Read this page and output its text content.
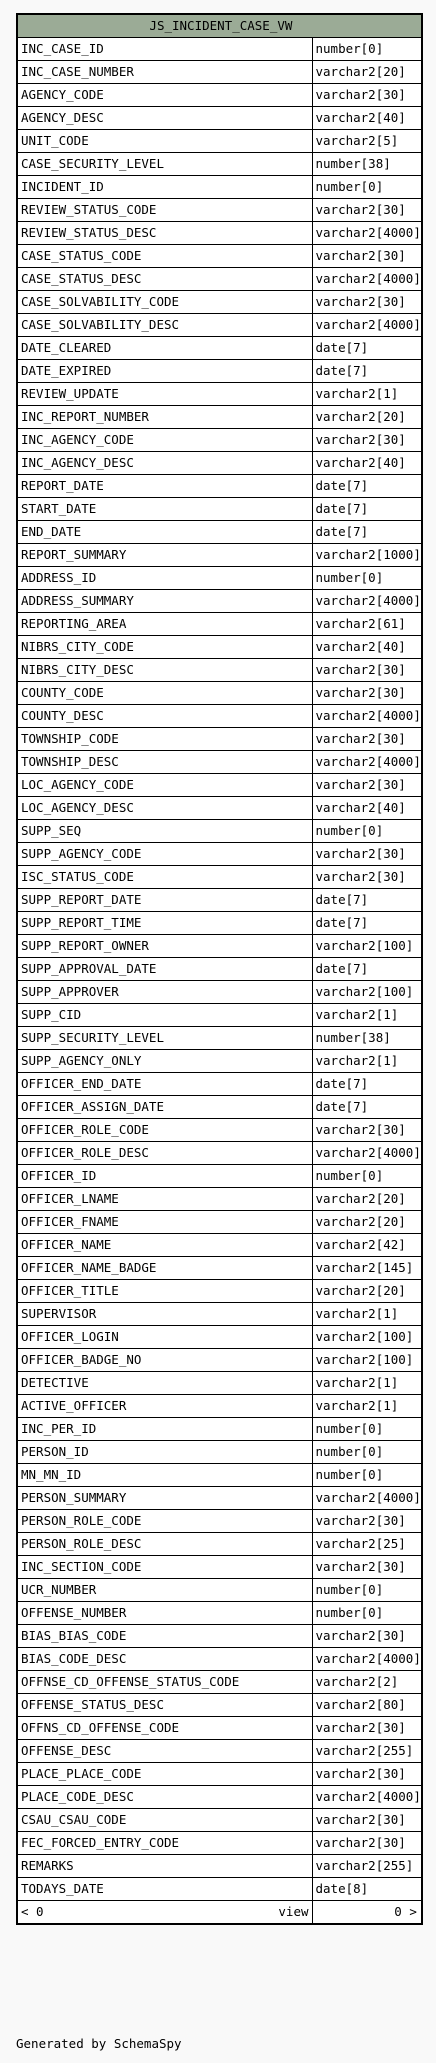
JS_INCIDENT_CASE_VW	
INC_CASE_ID	number[0]
INC_CASE_NUMBER	varchar2[20]
AGENCY_CODE	varchar2[30]
AGENCY_DESC	varchar2[40]
UNIT_CODE	varchar2[5]
CASE_SECURITY_LEVEL	number[38]
INCIDENT_ID	number[0]
REVIEW_STATUS_CODE	varchar2[30]
REVIEW_STATUS_DESC	varchar2[4000]
CASE_STATUS_CODE	varchar2[30]
CASE_STATUS_DESC	varchar2[4000]
CASE_SOLVABILITY_CODE	varchar2[30]
CASE_SOLVABILITY_DESC	varchar2[4000]
DATE_CLEARED	date[7]
DATE_EXPIRED	date[7]
REVIEW_UPDATE	varchar2[1]
INC_REPORT_NUMBER	varchar2[20]
INC_AGENCY_CODE	varchar2[30]
INC_AGENCY_DESC	varchar2[40]
REPORT_DATE	date[7]
START_DATE	date[7]
END_DATE	date[7]
REPORT_SUMMARY	varchar2[1000]
ADDRESS_ID	number[0]
ADDRESS_SUMMARY	varchar2[4000]
REPORTING_AREA	varchar2[61]
NIBRS_CITY_CODE	varchar2[40]
NIBRS_CITY_DESC	varchar2[30]
COUNTY_CODE	varchar2[30]
COUNTY_DESC	varchar2[4000]
TOWNSHIP_CODE	varchar2[30]
TOWNSHIP_DESC	varchar2[4000]
LOC_AGENCY_CODE	varchar2[30]
LOC_AGENCY_DESC	varchar2[40]
SUPP_SEQ	number[0]
SUPP_AGENCY_CODE	varchar2[30]
ISC_STATUS_CODE	varchar2[30]
SUPP_REPORT_DATE	date[7]
SUPP_REPORT_TIME	date[7]
SUPP_REPORT_OWNER	varchar2[100]
SUPP_APPROVAL_DATE	date[7]
SUPP_APPROVER	varchar2[100]
SUPP_CID	varchar2[1]
SUPP_SECURITY_LEVEL	number[38]
SUPP_AGENCY_ONLY	varchar2[1]
OFFICER_END_DATE	date[7]
OFFICER_ASSIGN_DATE	date[7]
OFFICER_ROLE_CODE	varchar2[30]
OFFICER_ROLE_DESC	varchar2[4000]
OFFICER_ID	number[0]
OFFICER_LNAME	varchar2[20]
OFFICER_FNAME	varchar2[20]
OFFICER_NAME	varchar2[42]
OFFICER_NAME_BADGE	varchar2[145]
OFFICER_TITLE	varchar2[20]
SUPERVISOR	varchar2[1]
OFFICER_LOGIN	varchar2[100]
OFFICER_BADGE_NO	varchar2[100]
DETECTIVE	varchar2[1]
ACTIVE_OFFICER	varchar2[1]
INC_PER_ID	number[0]
PERSON_ID	number[0]
MN_MN_ID	number[0]
PERSON_SUMMARY	varchar2[4000]
PERSON_ROLE_CODE	varchar2[30]
PERSON_ROLE_DESC	varchar2[25]
INC_SECTION_CODE	varchar2[30]
UCR_NUMBER	number[0]
OFFENSE_NUMBER	number[0]
BIAS_BIAS_CODE	varchar2[30]
BIAS_CODE_DESC	varchar2[4000]
OFFNSE_CD_OFFENSE_STATUS_CODE	varchar2[2]
OFFENSE_STATUS_DESC	varchar2[80]
OFFNS_CD_OFFENSE_CODE	varchar2[30]
OFFENSE_DESC	varchar2[255]
PLACE_PLACE_CODE	varchar2[30]
PLACE_CODE_DESC	varchar2[4000]
CSAU_CSAU_CODE	varchar2[30]
FEC_FORCED_ENTRY_CODE	varchar2[30]
REMARKS	varchar2[255]
TODAYS_DATE	date[8]

< 0 view	0 >
Generated by SchemaSpy
